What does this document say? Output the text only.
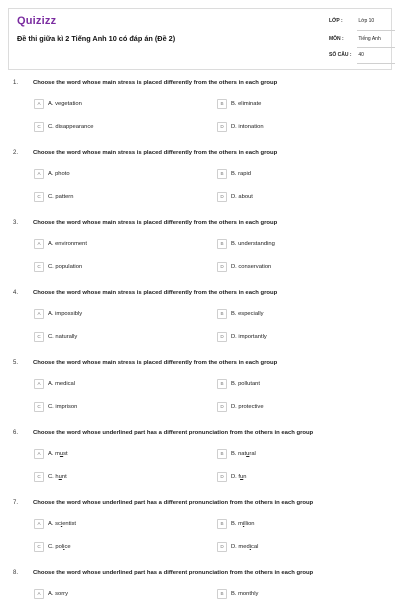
Quizizz
Đề thi giữa kì 2 Tiếng Anh 10 có đáp án (Đề 2)
LỚP :	Lớp 10
MÔN :	Tiếng Anh
SỐ CÂU : 40
1.	Choose the word whose main stress is placed differently from the others in each group
A	A. vegetation	B	B. eliminate
C	C. disappearance	D	D. intonation
2.	Choose the word whose main stress is placed differently from the others in each group
A	A. photo	B	B. rapid
C	C. pattern	D	D. about
3.	Choose the word whose main stress is placed differently from the others in each group
A	A. environment	B	B. understanding
C	C. population	D	D. conservation
4.	Choose the word whose main stress is placed differently from the others in each group
A	A. impossibly	B	B. especially
C	C. naturally	D	D. importantly
5.	Choose the word whose main stress is placed differently from the others in each group
A	A. medical	B	B. pollutant
C	C. imprison	D	D. protective
6.	Choose the word whose underlined part has a different pronunciation from the others in each group
A	A. must	B	B. natural
C	C. hunt	D	D. fun
7.	Choose the word whose underlined part has a different pronunciation from the others in each group
A	A. scientist	B	B. million
C	C. police	D	D. medical
8.	Choose the word whose underlined part has a different pronunciation from the others in each group
A	A. sorry	B	B. monthly
